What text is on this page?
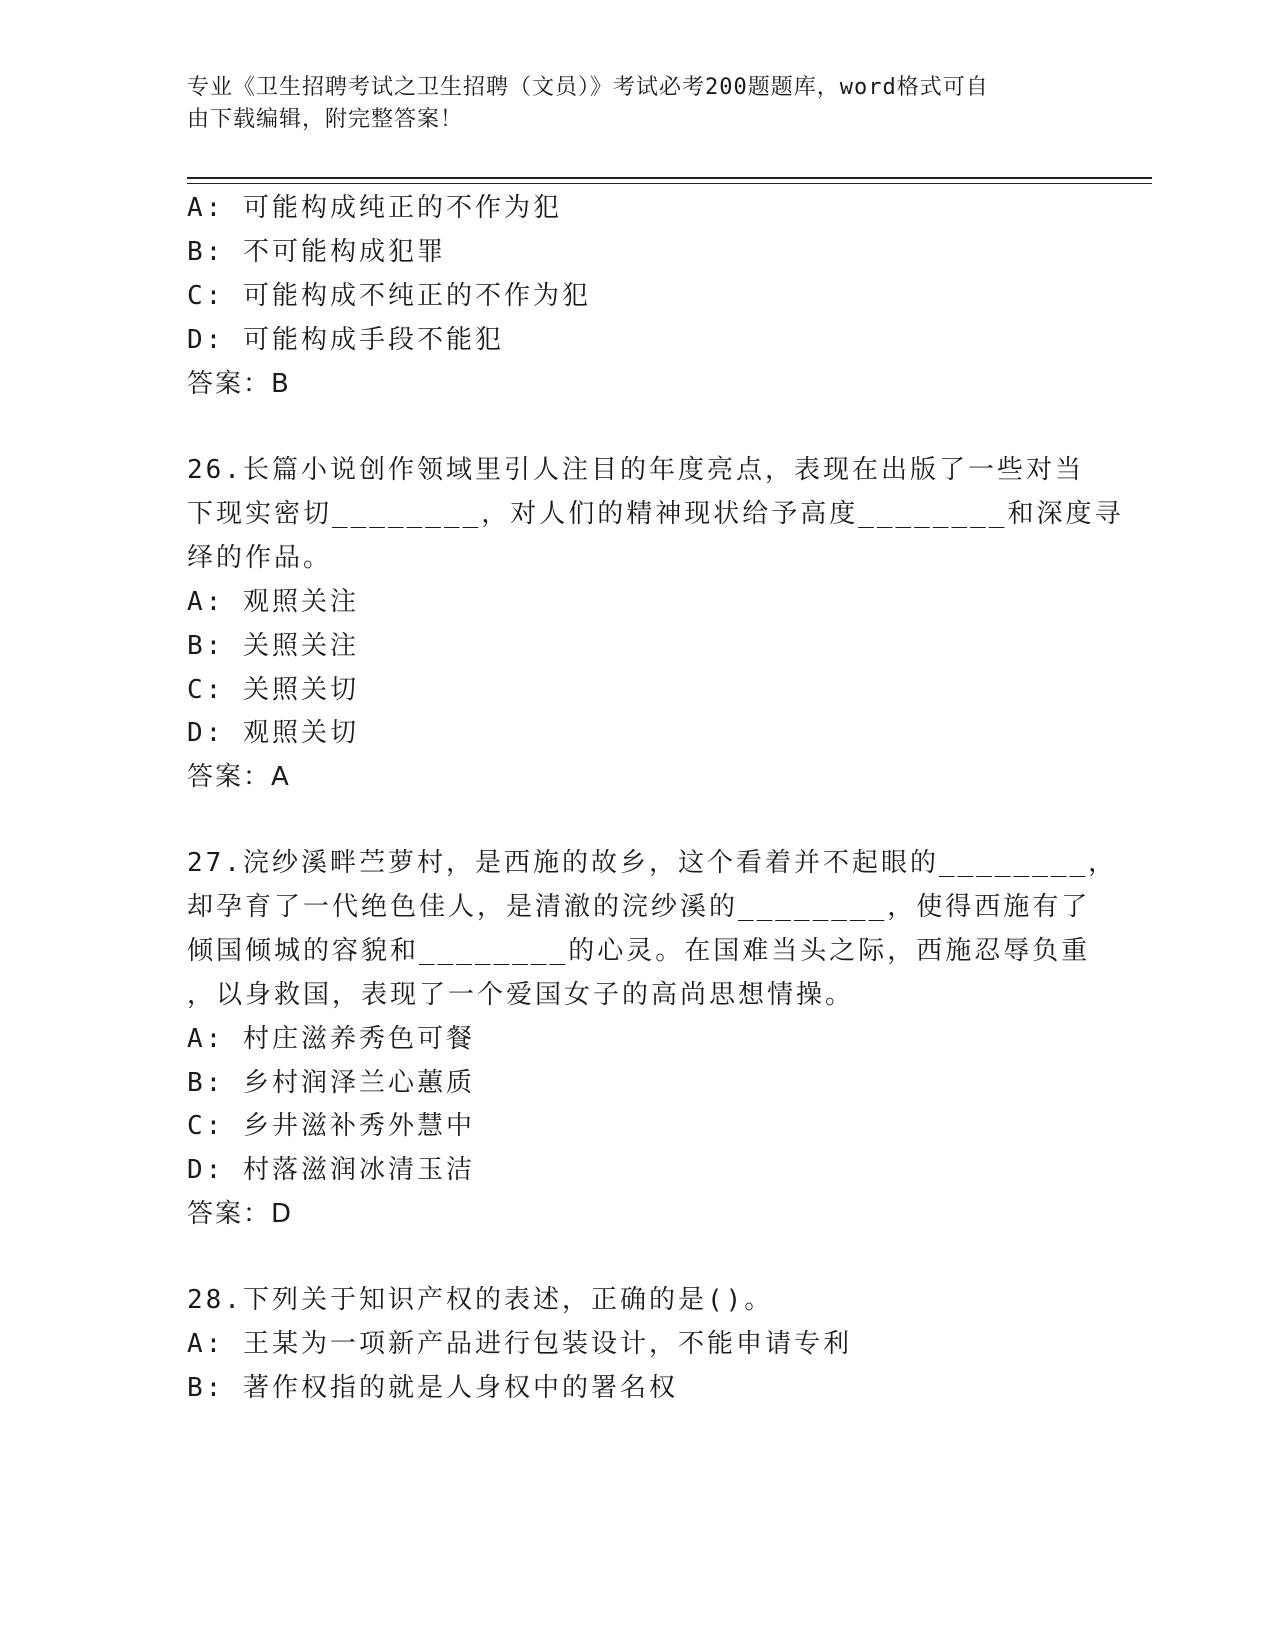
专业《卫生招聘考试之卫生招聘（文员）》考试必考200题题库，word格式可自
由下载编辑，附完整答案！
A: 可能构成纯正的不作为犯
B: 不可能构成犯罪
C: 可能构成不纯正的不作为犯
D: 可能构成手段不能犯
答案：B
26.长篇小说创作领域里引人注目的年度亮点，表现在出版了一些对当
下现实密切________，对人们的精神现状给予高度________和深度寻
绎的作品。
A: 观照关注
B: 关照关注
C: 关照关切
D: 观照关切
答案：A
27.浣纱溪畔苎萝村，是西施的故乡，这个看着并不起眼的________，
却孕育了一代绝色佳人，是清澈的浣纱溪的________，使得西施有了
倾国倾城的容貌和________的心灵。在国难当头之际，西施忍辱负重
，以身救国，表现了一个爱国女子的高尚思想情操。
A: 村庄滋养秀色可餐
B: 乡村润泽兰心蕙质
C: 乡井滋补秀外慧中
D: 村落滋润冰清玉洁
答案：D
28.下列关于知识产权的表述，正确的是()。
A: 王某为一项新产品进行包装设计，不能申请专利
B: 著作权指的就是人身权中的署名权
